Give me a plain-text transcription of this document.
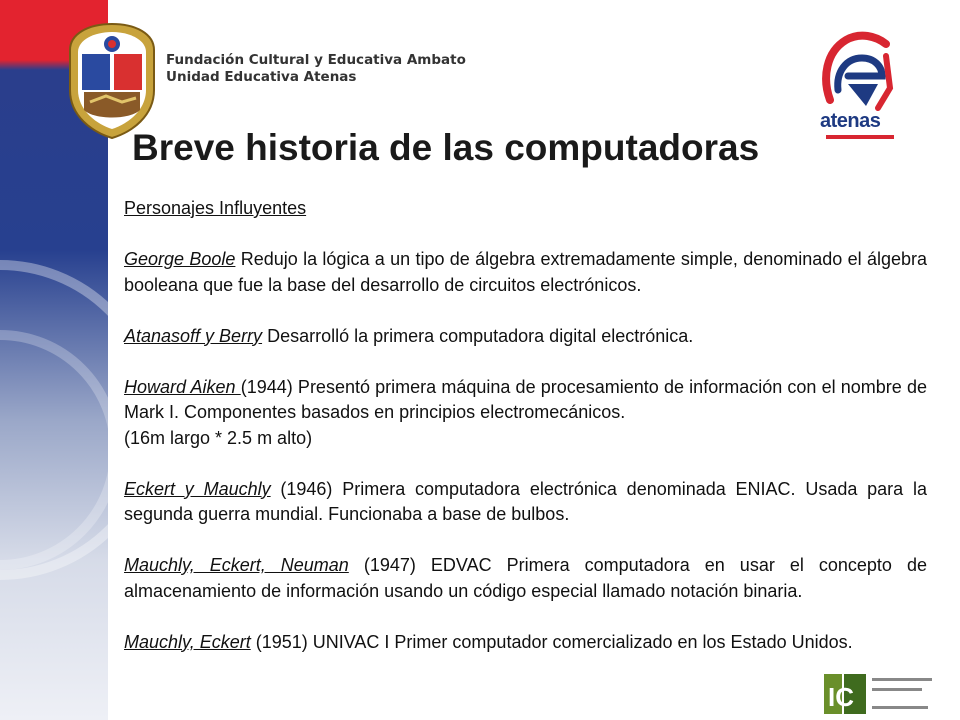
Fundación Cultural y Educativa Ambato
Unidad Educativa Atenas
atenas
Breve historia de las computadoras

Personajes Influyentes

George Boole Redujo la lógica a un tipo de álgebra extremadamente simple, denominado el álgebra booleana que fue la base del desarrollo de circuitos electrónicos.

Atanasoff y Berry Desarrolló la primera computadora digital electrónica.

Howard Aiken (1944) Presentó primera máquina de procesamiento de información con el nombre de Mark I. Componentes basados en principios electromecánicos.

(16m largo * 2.5 m alto)

Eckert y Mauchly (1946) Primera computadora electrónica denominada ENIAC. Usada para la segunda guerra mundial. Funcionaba a base de bulbos.

Mauchly, Eckert, Neuman (1947) EDVAC Primera computadora en usar el concepto de almacenamiento de información usando un código especial llamado notación binaria.

Mauchly, Eckert (1951) UNIVAC I Primer computador comercializado en los Estado Unidos.

IC
